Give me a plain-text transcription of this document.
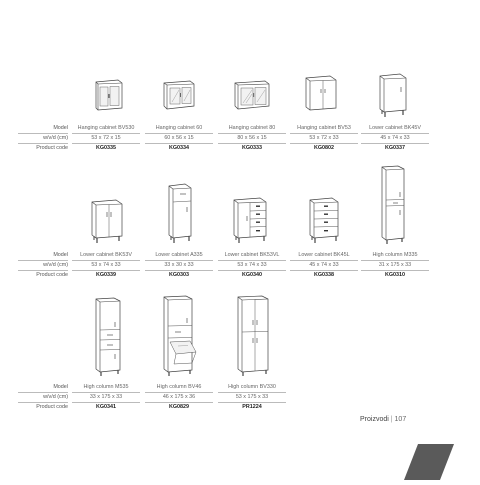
Model
w/v/d (cm)
Product code
Hanging cabinet BV530
53 x 72 x 15
KG0335
Hanging cabinet 60
60 x 56 x 15
KG0334
Hanging cabinet 80
80 x 56 x 15
KG0333
Hanging cabinet BV53
53 x 72 x 33
KG0802
Lower cabinet BK45V
45 x 74 x 33
KG0337
Model
w/v/d (cm)
Product code
Lower cabinet BK53V
53 x 74 x 33
KG0339
Lower cabinet A335
33 x 30 x 33
KG0303
Lower cabinet BK53VL
53 x 74 x 33
KG0340
Lower cabinet BK45L
45 x 74 x 33
KG0338
High column M335
31 x 175 x 33
KG0310
Model
w/v/d (cm)
Product code
High column M535
33 x 175 x 33
KG0341
High column BV46
46 x 175 x 36
KG0829
High column BV330
53 x 175 x 33
PR1224
Proizvodi | 107
